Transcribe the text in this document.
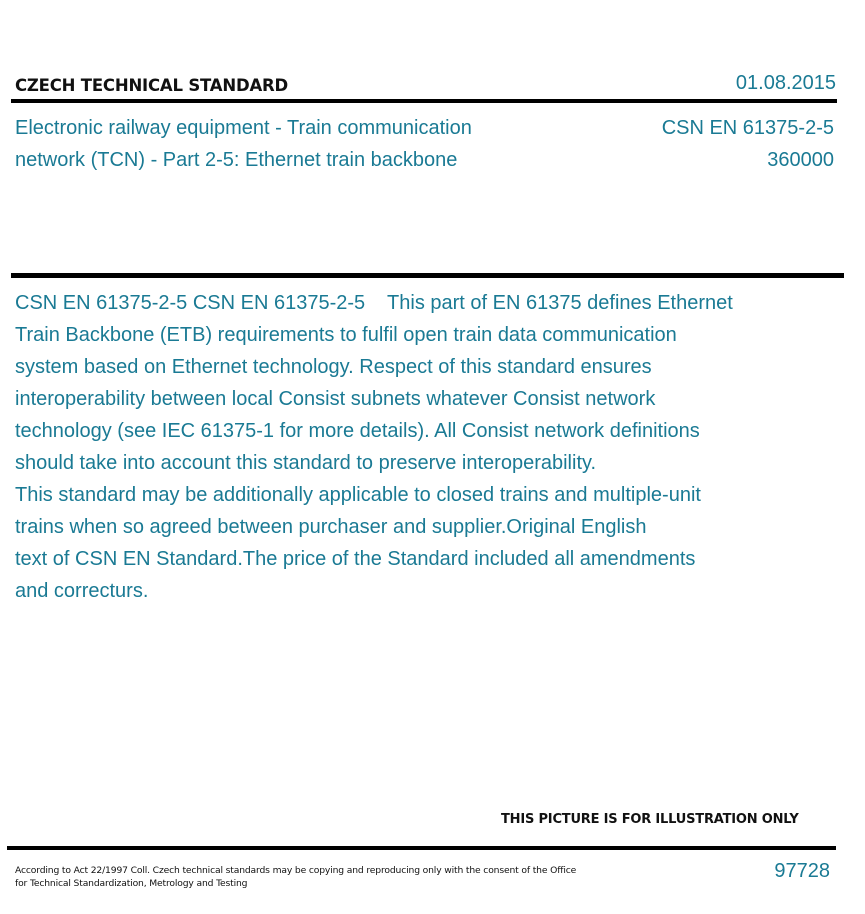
CZECH TECHNICAL STANDARD	01.08.2015
Electronic railway equipment - Train communication
network (TCN) - Part 2-5: Ethernet train backbone
CSN EN 61375-2-5
360000
CSN EN 61375-2-5 CSN EN 61375-2-5    This part of EN 61375 defines Ethernet
Train Backbone (ETB) requirements to fulfil open train data communication
system based on Ethernet technology. Respect of this standard ensures
interoperability between local Consist subnets whatever Consist network
technology (see IEC 61375-1 for more details). All Consist network definitions
should take into account this standard to preserve interoperability.
This standard may be additionally applicable to closed trains and multiple-unit
trains when so agreed between purchaser and supplier.Original English
text of CSN EN Standard.The price of the Standard included all amendments
and correcturs.
THIS PICTURE IS FOR ILLUSTRATION ONLY
According to Act 22/1997 Coll. Czech technical standards may be copying and reproducing only with the consent of the Office
for Technical Standardization, Metrology and Testing
97728
